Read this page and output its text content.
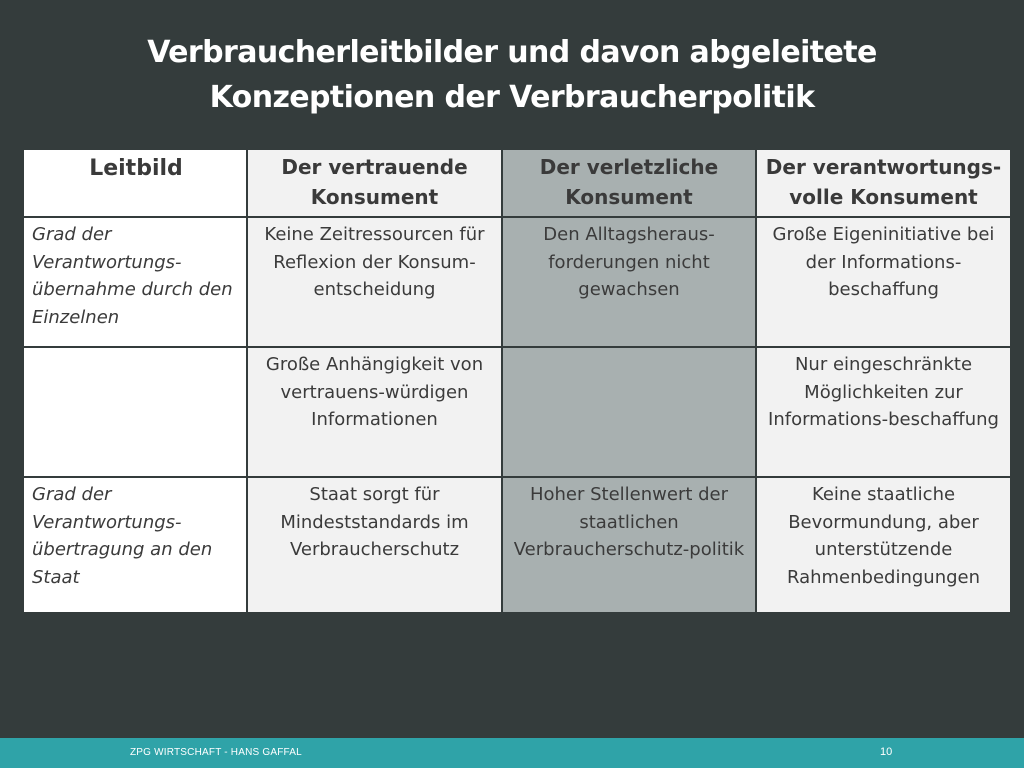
Verbraucherleitbilder und davon abgeleitete
Konzeptionen der Verbraucherpolitik
Leitbild	Der vertrauende Konsument	Der verletzliche Konsument	Der verantwortungs-volle Konsument
Grad der Verantwortungs-übernahme durch den Einzelnen	Keine Zeitressourcen für Reflexion der Konsum-entscheidung	Den Alltagsheraus-forderungen nicht gewachsen	Große Eigeninitiative bei der Informations-beschaffung
	Große Anhängigkeit von vertrauens-würdigen Informationen		Nur eingeschränkte Möglichkeiten zur Informations-beschaffung
Grad der Verantwortungs-übertragung an den Staat	Staat sorgt für Mindeststandards im Verbraucherschutz	Hoher Stellenwert der staatlichen Verbraucherschutz-politik	Keine staatliche Bevormundung, aber unterstützende Rahmenbedingungen
ZPG WIRTSCHAFT - HANS GAFFAL	10
